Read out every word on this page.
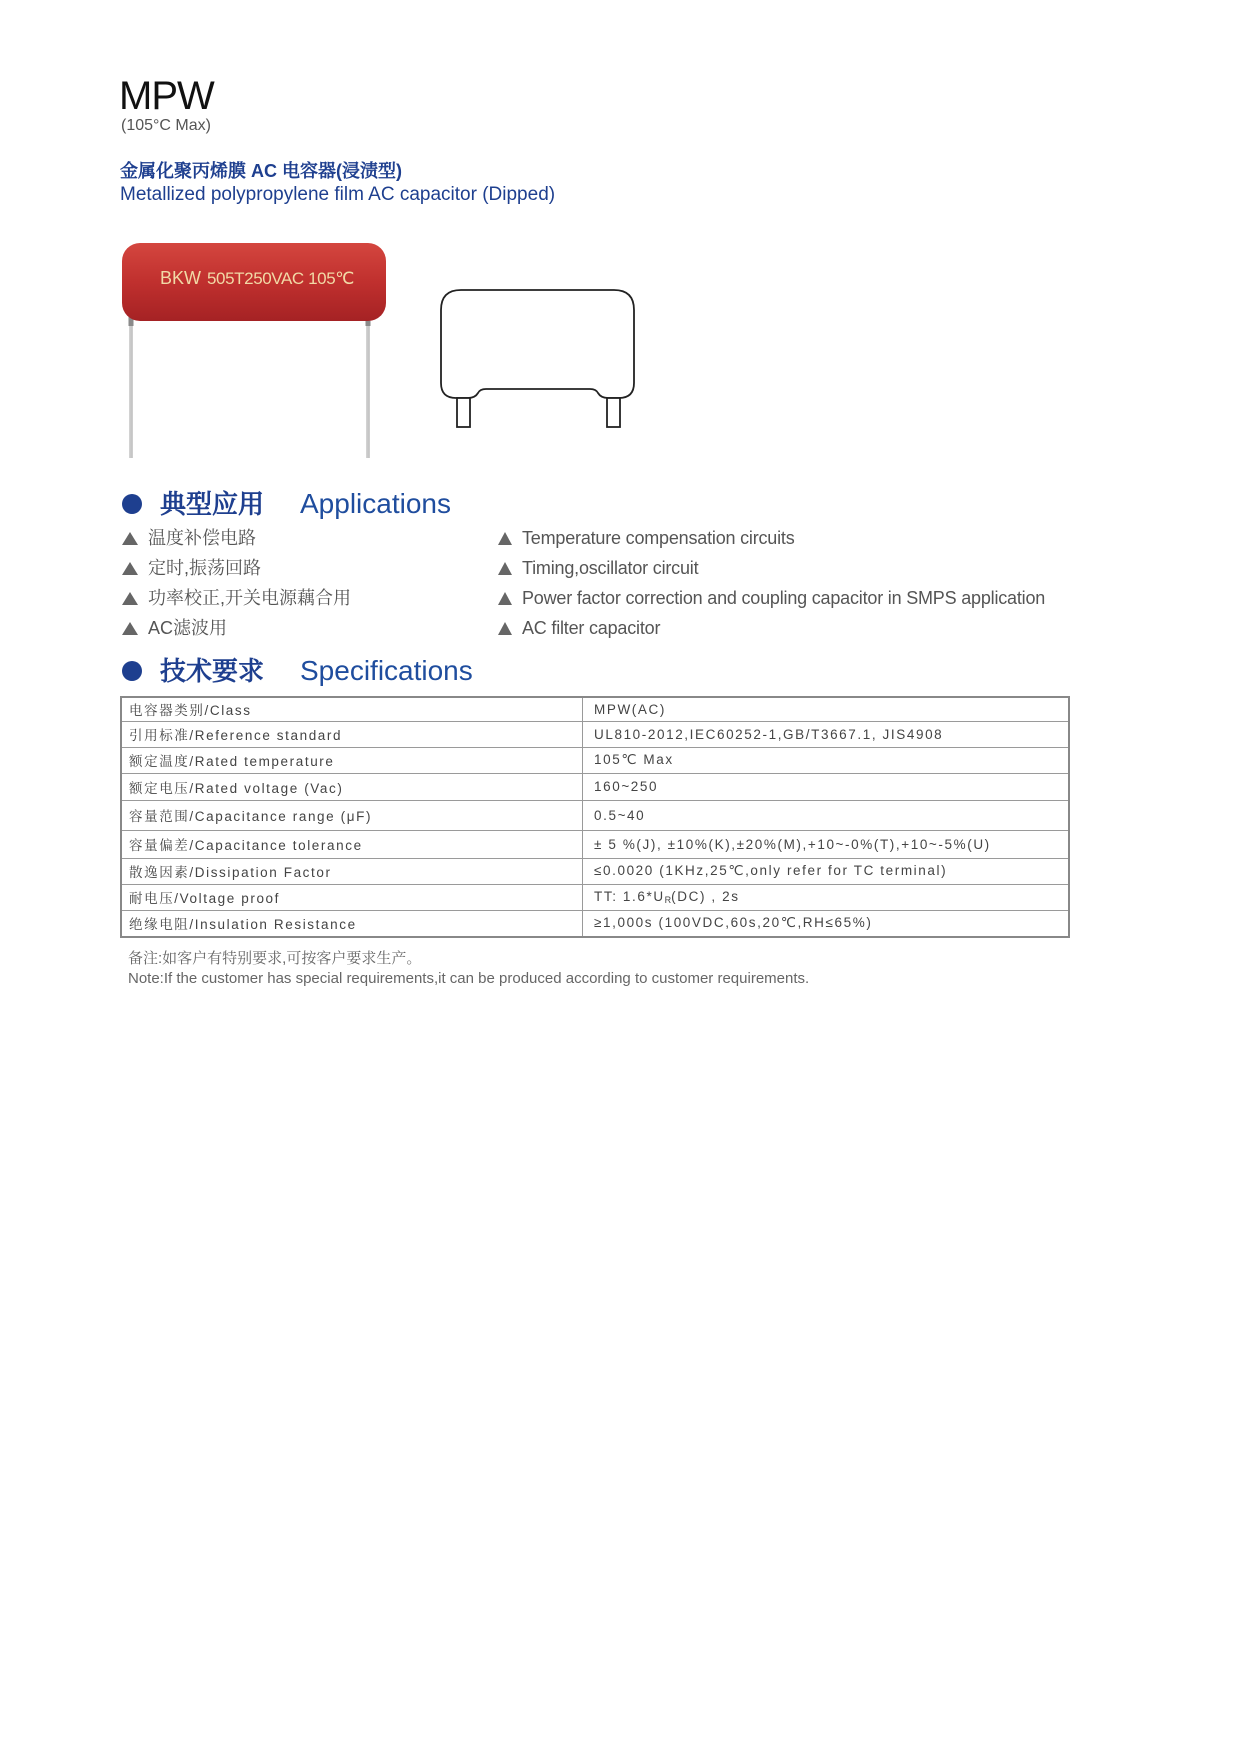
MPW
(105°C Max)
金属化聚丙烯膜 AC 电容器(浸渍型)
Metallized polypropylene film AC capacitor (Dipped)
BKW 505T250VAC 105℃
典型应用 Applications
温度补偿电路	Temperature compensation circuits
定时,振荡回路	Timing,oscillator circuit
功率校正,开关电源藕合用	Power factor correction and coupling capacitor in SMPS application
AC滤波用	AC filter capacitor
技术要求 Specifications
电容器类别/Class	MPW(AC)
引用标准/Reference standard	UL810-2012,IEC60252-1,GB/T3667.1, JIS4908
额定温度/Rated temperature	105℃ Max
额定电压/Rated voltage (Vac)	160~250
容量范围/Capacitance range (μF)	0.5~40
容量偏差/Capacitance tolerance	± 5 %(J), ±10%(K),±20%(M),+10~-0%(T),+10~-5%(U)
散逸因素/Dissipation Factor	≤0.0020 (1KHz,25℃,only refer for TC terminal)
耐电压/Voltage proof	TT: $1.6*U_R(DC)$ , 2s
绝缘电阻/Insulation Resistance	≥1,000s (100VDC,60s,20℃,RH≤65%)
备注:如客户有特别要求,可按客户要求生产。
Note:If the customer has special requirements,it can be produced according to customer requirements.
